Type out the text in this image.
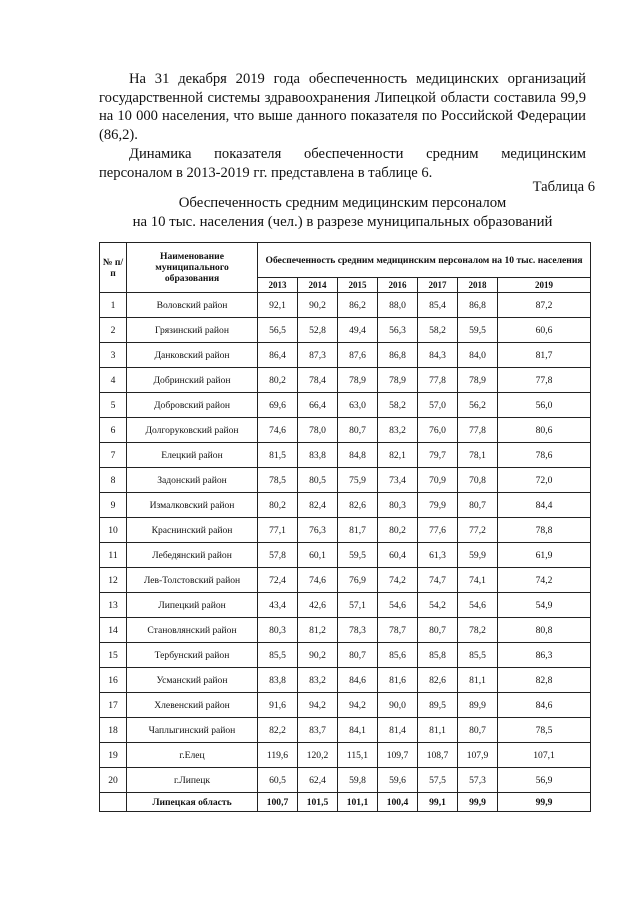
На 31 декабря 2019 года обеспеченность медицинских организаций государственной системы здравоохранения Липецкой области составила 99,9 на 10 000 населения, что выше данного показателя по Российской Федерации (86,2).

Динамика показателя обеспеченности средним медицинским персоналом в 2013-2019 гг. представлена в таблице 6.

Таблица 6

Обеспеченность средним медицинским персоналом
на 10 тыс. населения (чел.) в разрезе муниципальных образований

№ п/п	Наименование муниципального образования	Обеспеченность средним медицинским персоналом на 10 тыс. населения						
		2013	2014	2015	2016	2017	2018	2019
1	Воловский район	92,1	90,2	86,2	88,0	85,4	86,8	87,2
2	Грязинский район	56,5	52,8	49,4	56,3	58,2	59,5	60,6
3	Данковский район	86,4	87,3	87,6	86,8	84,3	84,0	81,7
4	Добринский район	80,2	78,4	78,9	78,9	77,8	78,9	77,8
5	Добровский район	69,6	66,4	63,0	58,2	57,0	56,2	56,0
6	Долгоруковский район	74,6	78,0	80,7	83,2	76,0	77,8	80,6
7	Елецкий район	81,5	83,8	84,8	82,1	79,7	78,1	78,6
8	Задонский район	78,5	80,5	75,9	73,4	70,9	70,8	72,0
9	Измалковский район	80,2	82,4	82,6	80,3	79,9	80,7	84,4
10	Краснинский район	77,1	76,3	81,7	80,2	77,6	77,2	78,8
11	Лебедянский район	57,8	60,1	59,5	60,4	61,3	59,9	61,9
12	Лев-Толстовский район	72,4	74,6	76,9	74,2	74,7	74,1	74,2
13	Липецкий район	43,4	42,6	57,1	54,6	54,2	54,6	54,9
14	Становлянский район	80,3	81,2	78,3	78,7	80,7	78,2	80,8
15	Тербунский район	85,5	90,2	80,7	85,6	85,8	85,5	86,3
16	Усманский район	83,8	83,2	84,6	81,6	82,6	81,1	82,8
17	Хлевенский район	91,6	94,2	94,2	90,0	89,5	89,9	84,6
18	Чаплыгинский район	82,2	83,7	84,1	81,4	81,1	80,7	78,5
19	г.Елец	119,6	120,2	115,1	109,7	108,7	107,9	107,1
20	г.Липецк	60,5	62,4	59,8	59,6	57,5	57,3	56,9
	Липецкая область	100,7	101,5	101,1	100,4	99,1	99,9	99,9
